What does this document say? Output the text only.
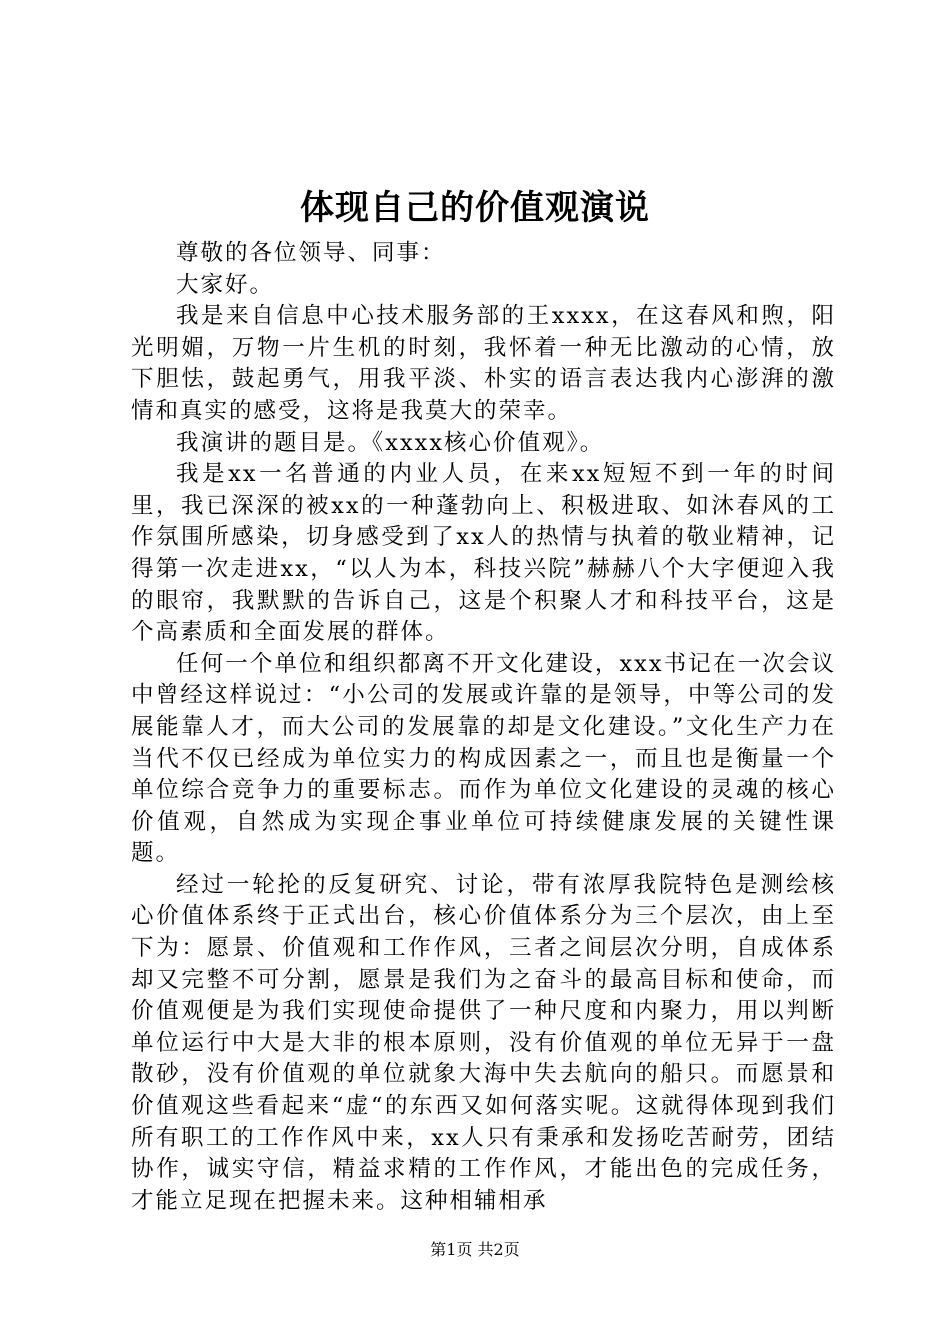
体现自己的价值观演说

尊敬的各位领导、同事：

大家好。

我是来自信息中心技术服务部的王xxxx，在这春风和煦，阳光明媚，万物一片生机的时刻，我怀着一种无比激动的心情，放下胆怯，鼓起勇气，用我平淡、朴实的语言表达我内心澎湃的激情和真实的感受，这将是我莫大的荣幸。

我演讲的题目是。《xxxx核心价值观》。

我是xx一名普通的内业人员，在来xx短短不到一年的时间里，我已深深的被xx的一种蓬勃向上、积极进取、如沐春风的工作氛围所感染，切身感受到了xx人的热情与执着的敬业精神，记得第一次走进xx，“以人为本，科技兴院”赫赫八个大字便迎入我的眼帘，我默默的告诉自己，这是个积聚人才和科技平台，这是个高素质和全面发展的群体。

任何一个单位和组织都离不开文化建设，xxx书记在一次会议中曾经这样说过：“小公司的发展或许靠的是领导，中等公司的发展能靠人才，而大公司的发展靠的却是文化建设。”文化生产力在当代不仅已经成为单位实力的构成因素之一，而且也是衡量一个单位综合竞争力的重要标志。而作为单位文化建设的灵魂的核心价值观，自然成为实现企事业单位可持续健康发展的关键性课题。

经过一轮抡的反复研究、讨论，带有浓厚我院特色是测绘核心价值体系终于正式出台，核心价值体系分为三个层次，由上至下为：愿景、价值观和工作作风，三者之间层次分明，自成体系却又完整不可分割，愿景是我们为之奋斗的最高目标和使命，而价值观便是为我们实现使命提供了一种尺度和内聚力，用以判断单位运行中大是大非的根本原则，没有价值观的单位无异于一盘散砂，没有价值观的单位就象大海中失去航向的船只。而愿景和价值观这些看起来“虚“的东西又如何落实呢。这就得体现到我们所有职工的工作作风中来，xx人只有秉承和发扬吃苦耐劳，团结协作，诚实守信，精益求精的工作作风，才能出色的完成任务，才能立足现在把握未来。这种相辅相承

第1页 共2页
